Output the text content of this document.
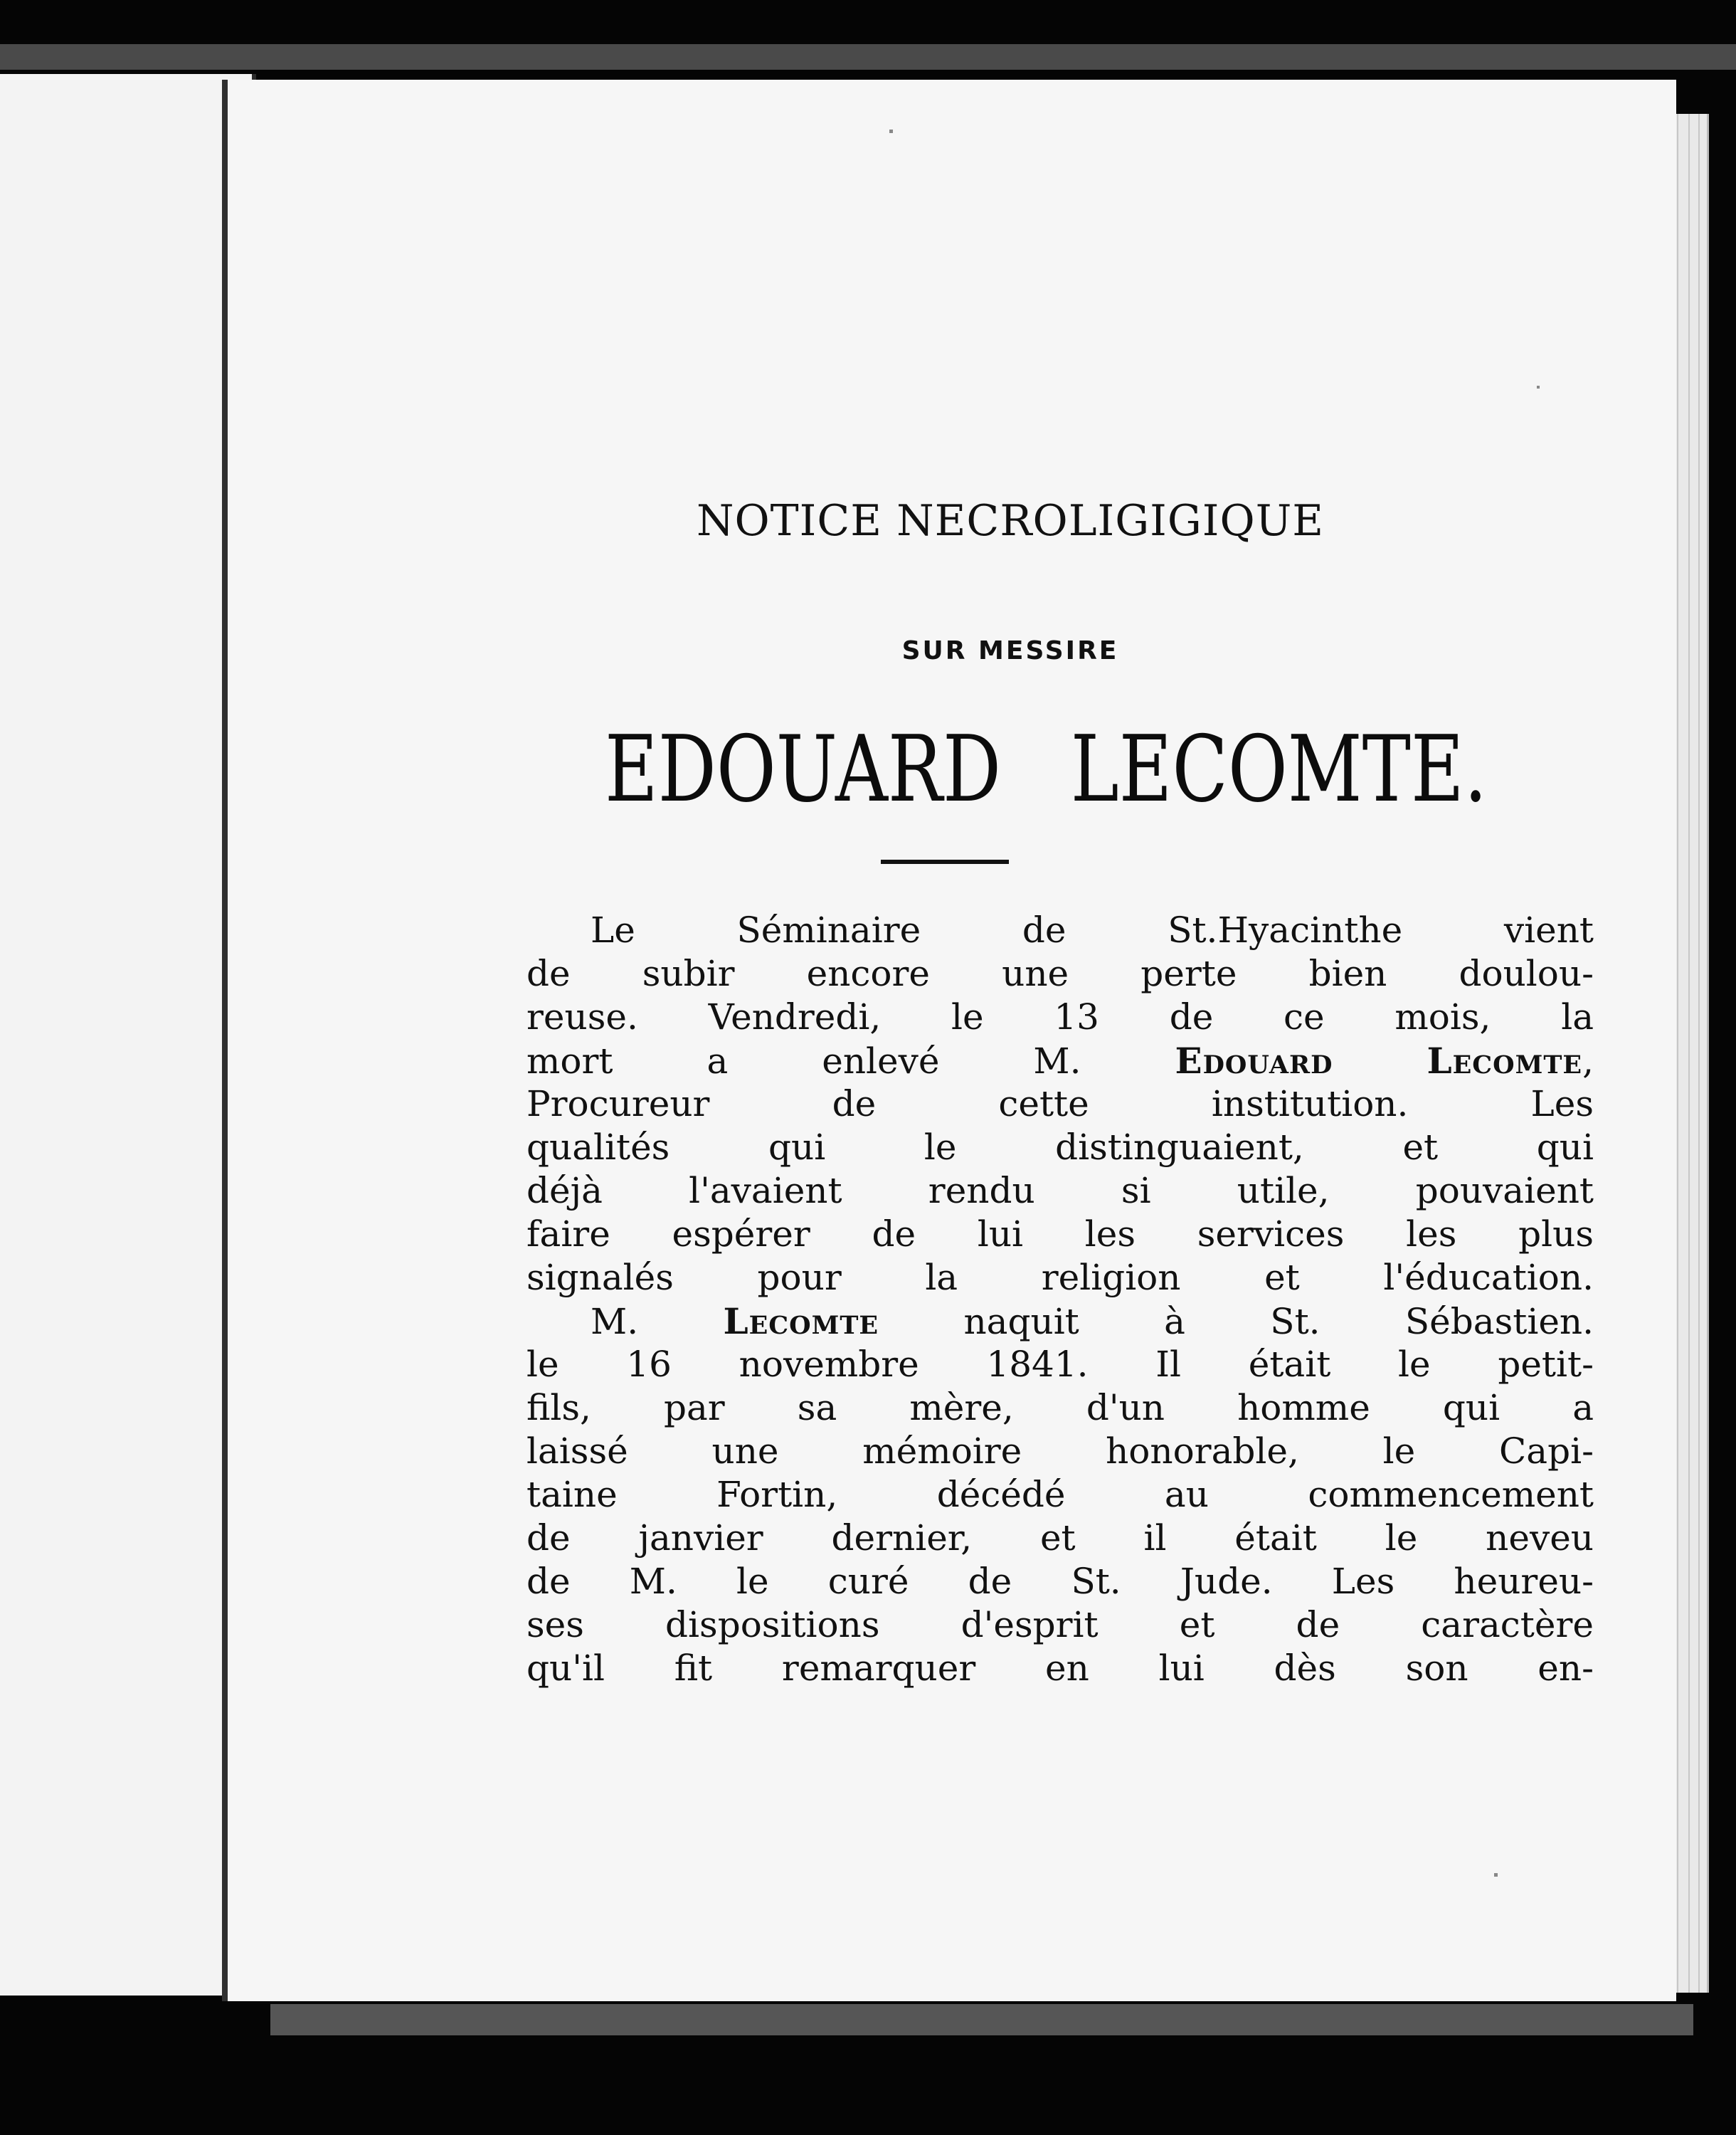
NOTICE NECROLIGIGIQUE
SUR MESSIRE
EDOUARD LECOMTE.
Le Séminaire de St.Hyacinthe vient
de subir encore une perte bien doulou-
reuse. Vendredi, le 13 de ce mois, la
mort a enlevé M. Edouard	Lecomte,
Procureur de cette institution. Les
qualités qui le distinguaient, et qui
déjà l'avaient rendu si utile, pouvaient
faire espérer de lui les services les plus
signalés pour la religion et l'éducation.
M. Lecomte naquit à St. Sébastien.
le 16 novembre 1841. Il était le petit-
fils, par sa mère, d'un homme qui a
laissé une mémoire honorable, le Capi-
taine Fortin, décédé au commencement
de janvier dernier, et il était le neveu
de M. le curé de St. Jude. Les heureu-
ses dispositions d'esprit et de caractère
qu'il fit remarquer en lui dès son en-
